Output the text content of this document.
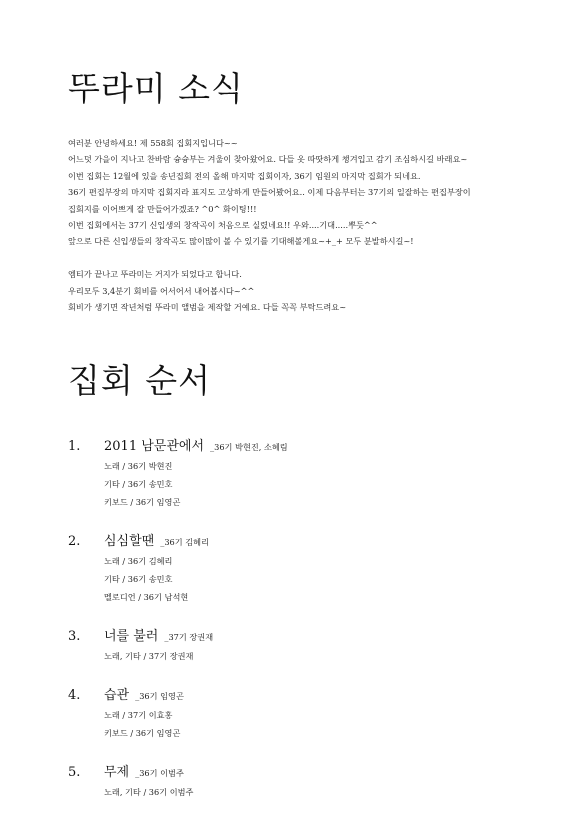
뚜라미 소식

여러분 안녕하세요! 제 558회 집회지입니다~~

어느덧 가을이 지나고 찬바람 슝슝부는 겨울이 찾아왔어요. 다들 옷 따땃하게 챙겨입고 감기 조심하시길 바래요~

이번 집회는 12월에 있을 송년집회 전의 올해 마지막 집회이자, 36기 임원의 마지막 집회가 되네요.

36기 편집부장의 마지막 집회지라 표지도 고상하게 만들어봤어요.. 이제 다음부터는 37기의 일잘하는 편집부장이

집회지를 이어쁘게 잘 만들어가겠죠? ^0^ 화이팅!!!

이번 집회에서는 37기 신입생의 창작곡이 처음으로 실렸네요!! 우와....기대.....뿌듯^^

앞으로 다른 신입생들의 창작곡도 많이많이 볼 수 있기를 기대해볼게요~+_+ 모두 분발하시길~!

엠티가 끝나고 뚜라미는 거지가 되었다고 합니다.

우리모두 3,4분기 회비를 어서어서 내어봅시다~^^

회비가 생기면 작년처럼 뚜라미 앨범을 제작할 거예요. 다들 꼭꼭 부탁드려요~

집회 순서
1.	2011 남문관에서 _36기 박현진, 소혜림
노래 / 36기 박현진
기타 / 36기 송민호
키보드 / 36기 임영곤
2.	심심할땐 _36기 김혜리
노래 / 36기 김혜리
기타 / 36기 송민호
멜로디언 / 36기 남석현
3.	너를 불러 _37기 장권재
노래, 기타 / 37기 장권재
4.	습관 _36기 임영곤
노래 / 37기 이효홍
키보드 / 36기 임영곤
5.	무제 _36기 이범주
노래, 기타 / 36기 이범주
